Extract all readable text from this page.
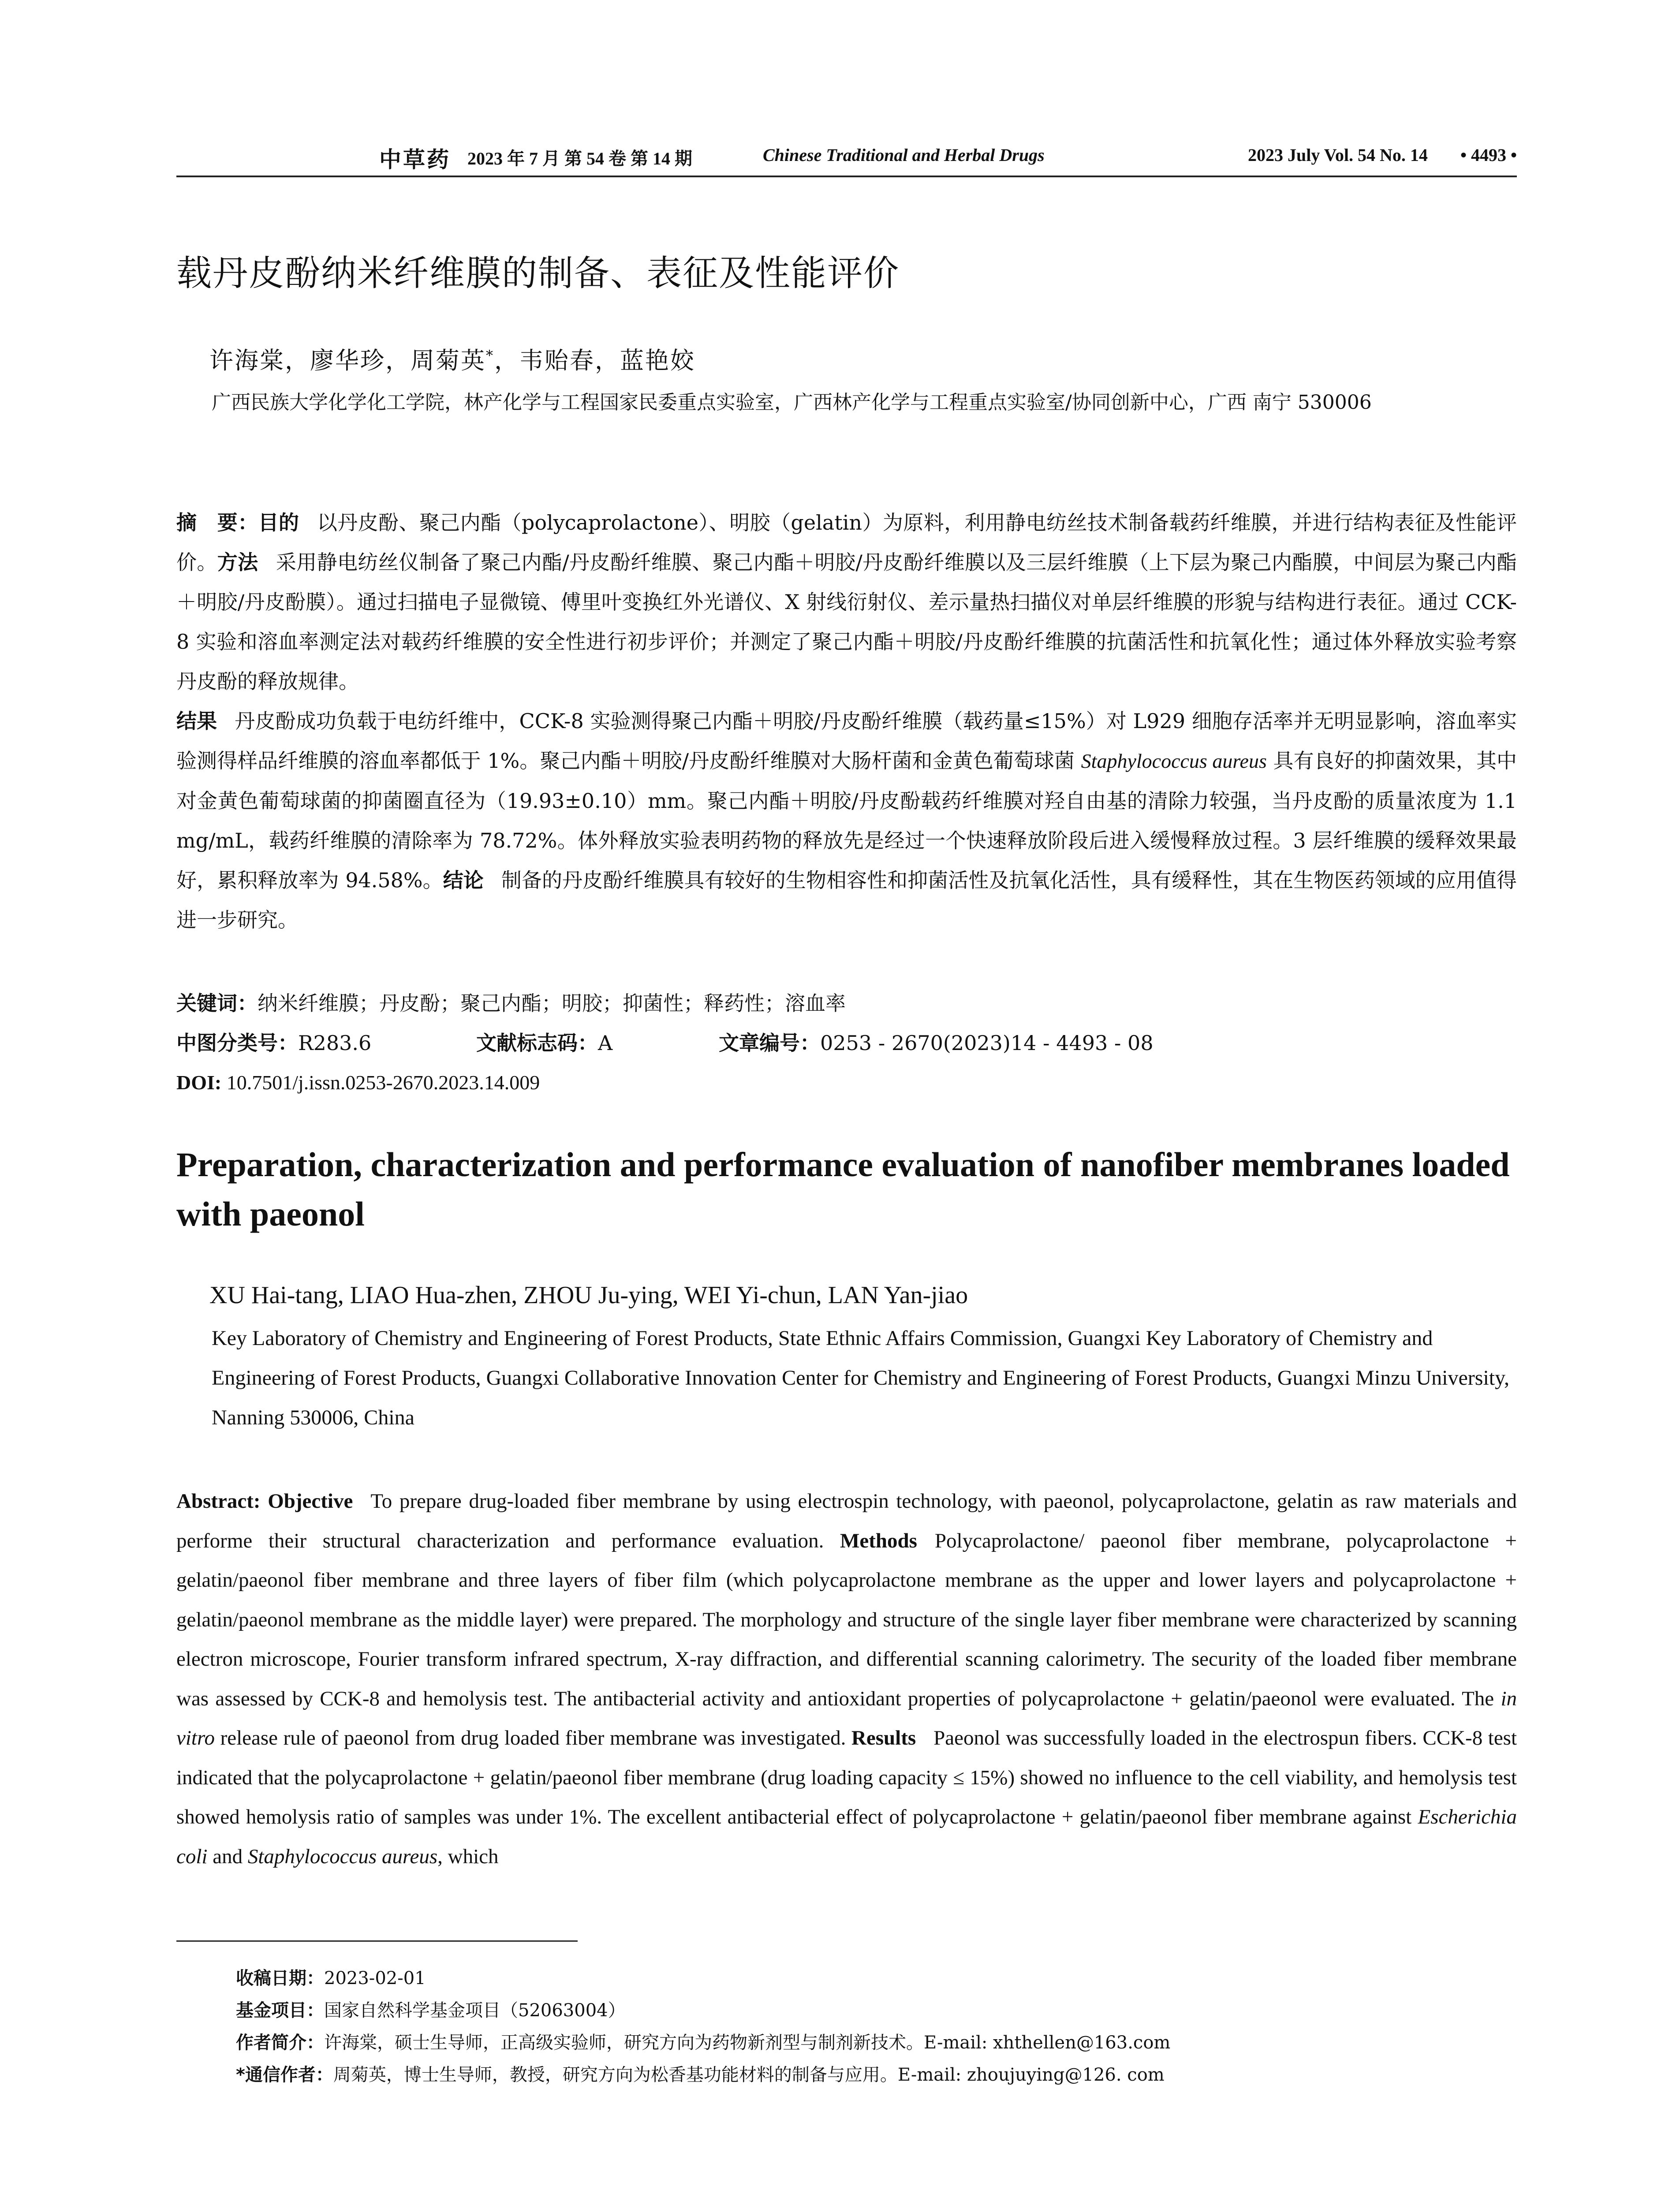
中草药 2023 年 7 月 第 54 卷 第 14 期	Chinese Traditional and Herbal Drugs	2023 July Vol. 54 No. 14 • 4493 •
载丹皮酚纳米纤维膜的制备、表征及性能评价
许海棠，廖华珍，周菊英*，韦贻春，蓝艳姣
广西民族大学化学化工学院，林产化学与工程国家民委重点实验室，广西林产化学与工程重点实验室/协同创新中心，广西 南宁 530006
摘　要：目的 以丹皮酚、聚己内酯（polycaprolactone）、明胶（gelatin）为原料，利用静电纺丝技术制备载药纤维膜，并进行结构表征及性能评价。方法 采用静电纺丝仪制备了聚己内酯/丹皮酚纤维膜、聚己内酯＋明胶/丹皮酚纤维膜以及三层纤维膜（上下层为聚己内酯膜，中间层为聚己内酯＋明胶/丹皮酚膜）。通过扫描电子显微镜、傅里叶变换红外光谱仪、X 射线衍射仪、差示量热扫描仪对单层纤维膜的形貌与结构进行表征。通过 CCK-8 实验和溶血率测定法对载药纤维膜的安全性进行初步评价；并测定了聚己内酯＋明胶/丹皮酚纤维膜的抗菌活性和抗氧化性；通过体外释放实验考察丹皮酚的释放规律。
结果 丹皮酚成功负载于电纺纤维中，CCK-8 实验测得聚己内酯＋明胶/丹皮酚纤维膜（载药量≤15%）对 L929 细胞存活率并无明显影响，溶血率实验测得样品纤维膜的溶血率都低于 1%。聚己内酯＋明胶/丹皮酚纤维膜对大肠杆菌和金黄色葡萄球菌 Staphylococcus aureus 具有良好的抑菌效果，其中对金黄色葡萄球菌的抑菌圈直径为（19.93±0.10）mm。聚己内酯＋明胶/丹皮酚载药纤维膜对羟自由基的清除力较强，当丹皮酚的质量浓度为 1.1 mg/mL，载药纤维膜的清除率为 78.72%。体外释放实验表明药物的释放先是经过一个快速释放阶段后进入缓慢释放过程。3 层纤维膜的缓释效果最好，累积释放率为 94.58%。结论 制备的丹皮酚纤维膜具有较好的生物相容性和抑菌活性及抗氧化活性，具有缓释性，其在生物医药领域的应用值得进一步研究。
关键词：纳米纤维膜；丹皮酚；聚己内酯；明胶；抑菌性；释药性；溶血率
中图分类号：R283.6	文献标志码：A	文章编号：0253 - 2670(2023)14 - 4493 - 08
DOI: 10.7501/j.issn.0253-2670.2023.14.009
Preparation, characterization and performance evaluation of nanofiber membranes loaded with paeonol
XU Hai-tang, LIAO Hua-zhen, ZHOU Ju-ying, WEI Yi-chun, LAN Yan-jiao
Key Laboratory of Chemistry and Engineering of Forest Products, State Ethnic Affairs Commission, Guangxi Key Laboratory of Chemistry and Engineering of Forest Products, Guangxi Collaborative Innovation Center for Chemistry and Engineering of Forest Products, Guangxi Minzu University, Nanning 530006, China
Abstract: Objective To prepare drug-loaded fiber membrane by using electrospin technology, with paeonol, polycaprolactone, gelatin as raw materials and performe their structural characterization and performance evaluation. Methods Polycaprolactone/ paeonol fiber membrane, polycaprolactone + gelatin/paeonol fiber membrane and three layers of fiber film (which polycaprolactone membrane as the upper and lower layers and polycaprolactone + gelatin/paeonol membrane as the middle layer) were prepared. The morphology and structure of the single layer fiber membrane were characterized by scanning electron microscope, Fourier transform infrared spectrum, X-ray diffraction, and differential scanning calorimetry. The security of the loaded fiber membrane was assessed by CCK-8 and hemolysis test. The antibacterial activity and antioxidant properties of polycaprolactone + gelatin/paeonol were evaluated. The in vitro release rule of paeonol from drug loaded fiber membrane was investigated. Results Paeonol was successfully loaded in the electrospun fibers. CCK-8 test indicated that the polycaprolactone + gelatin/paeonol fiber membrane (drug loading capacity ≤ 15%) showed no influence to the cell viability, and hemolysis test showed hemolysis ratio of samples was under 1%. The excellent antibacterial effect of polycaprolactone + gelatin/paeonol fiber membrane against Escherichia coli and Staphylococcus aureus, which
收稿日期：2023-02-01
基金项目：国家自然科学基金项目（52063004）
作者简介：许海棠，硕士生导师，正高级实验师，研究方向为药物新剂型与制剂新技术。E-mail: xhthellen@163.com
*通信作者：周菊英，博士生导师，教授，研究方向为松香基功能材料的制备与应用。E-mail: zhoujuying@126. com
